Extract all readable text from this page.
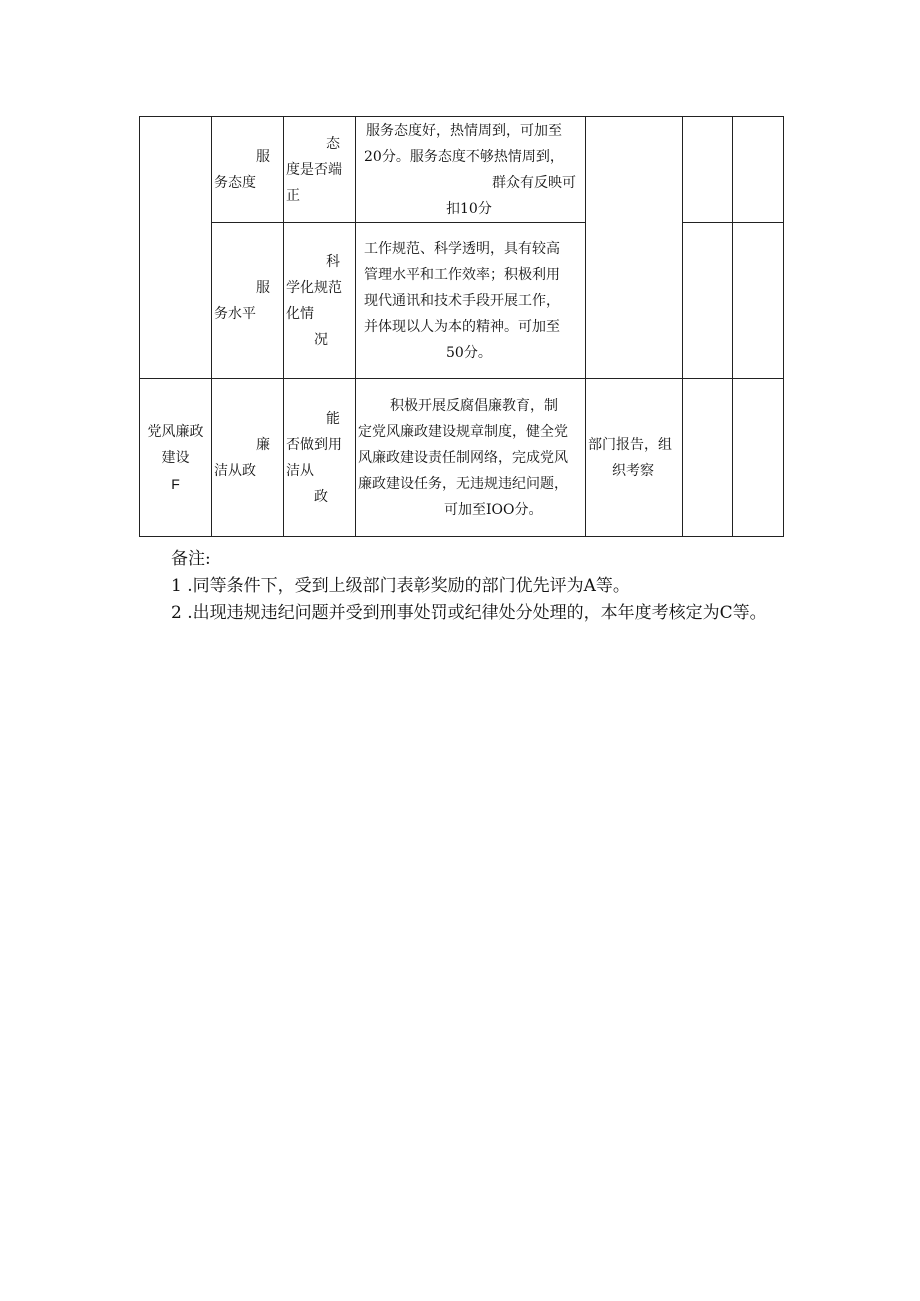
	服
务态度	态
度是否端
正	服务态度好，热情周到，可加至
20分。服务态度不够热情周到，
群众有反映可
扣10分			

	服
务水平	科
学化规范
化情
况	工作规范、科学透明，具有较高
管理水平和工作效率；积极利用
现代通讯和技术手段开展工作，
并体现以人为本的精神。可加至
50分。			

党风廉政
建设
F	廉
洁从政	能
否做到用
洁从
政	积极开展反腐倡廉教育，制
定党风廉政建设规章制度，健全党
风廉政建设责任制网络，完成党风
廉政建设任务，无违规违纪问题，
可加至IOO分。	部门报告，组
织考察		

备注:
1 .同等条件下，受到上级部门表彰奖励的部门优先评为A等。
2 .出现违规违纪问题并受到刑事处罚或纪律处分处理的，本年度考核定为C等。
